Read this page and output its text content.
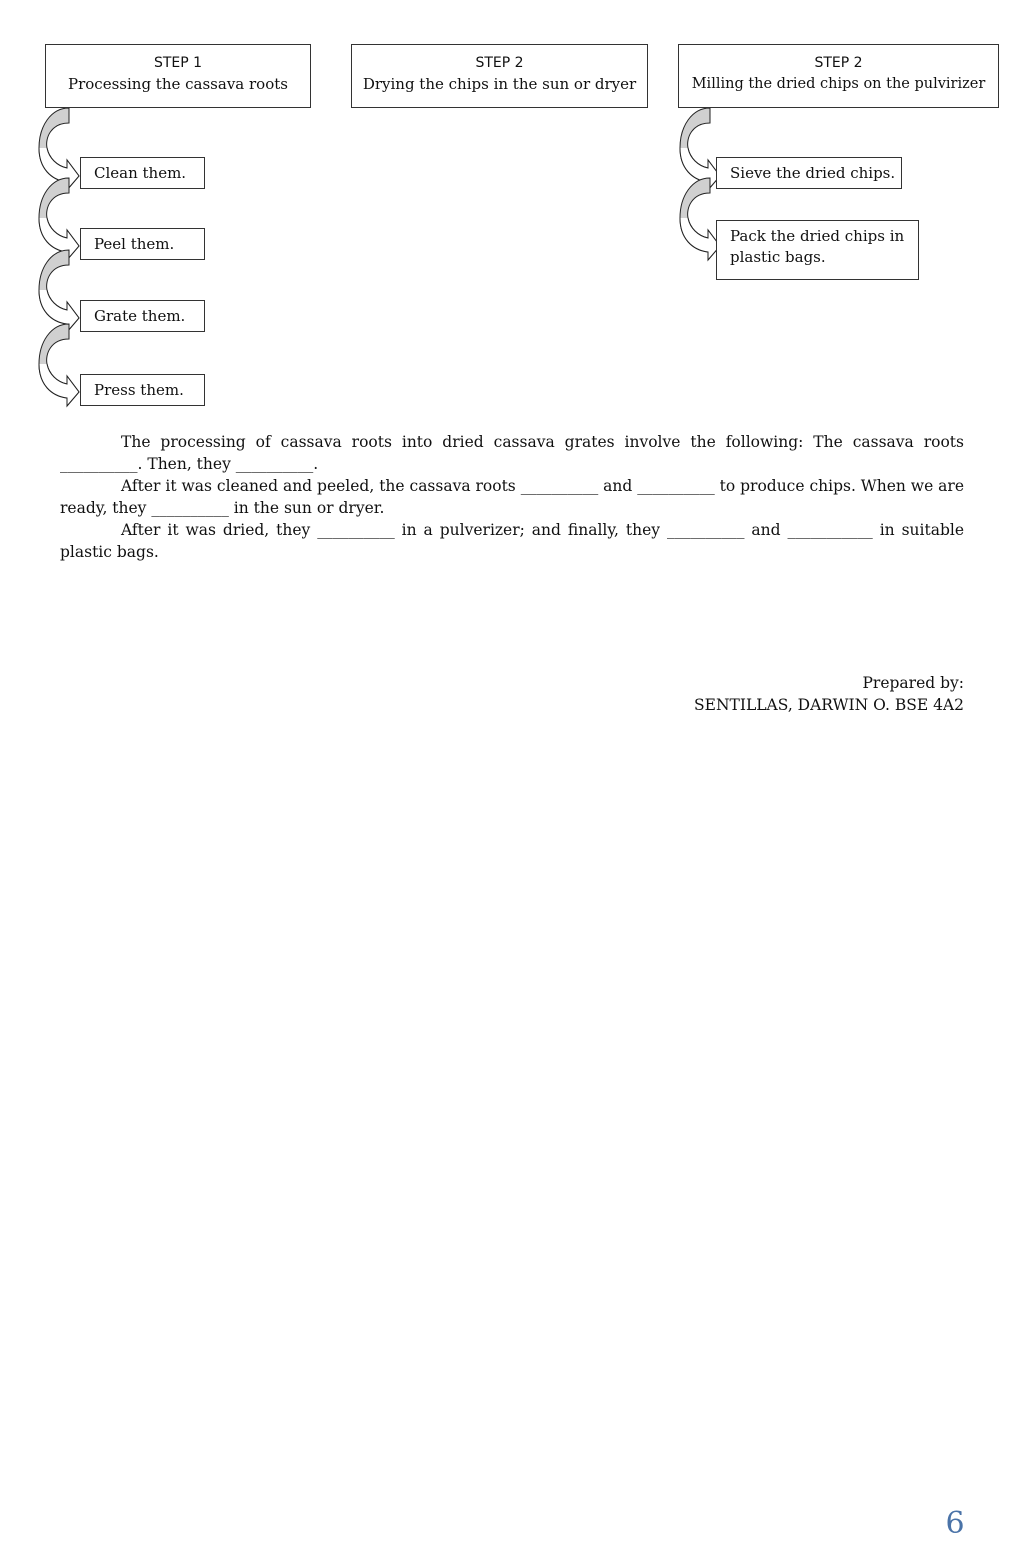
STEP 1
Processing the cassava roots
STEP 2
Drying the chips in the sun or dryer
STEP 2
Milling the dried chips on the pulvirizer
Clean them.
Peel them.
Grate them.
Press them.
Sieve the dried chips.
Pack the dried chips in plastic bags.
The processing of cassava roots into dried cassava grates involve the following: The cassava roots __________. Then, they __________.
After it was cleaned and peeled, the cassava roots __________ and __________ to produce chips. When we are ready, they __________ in the sun or dryer.
After it was dried, they __________ in a pulverizer; and finally, they __________ and ___________ in suitable plastic bags.
Prepared by:
SENTILLAS, DARWIN O. BSE 4A2
6
